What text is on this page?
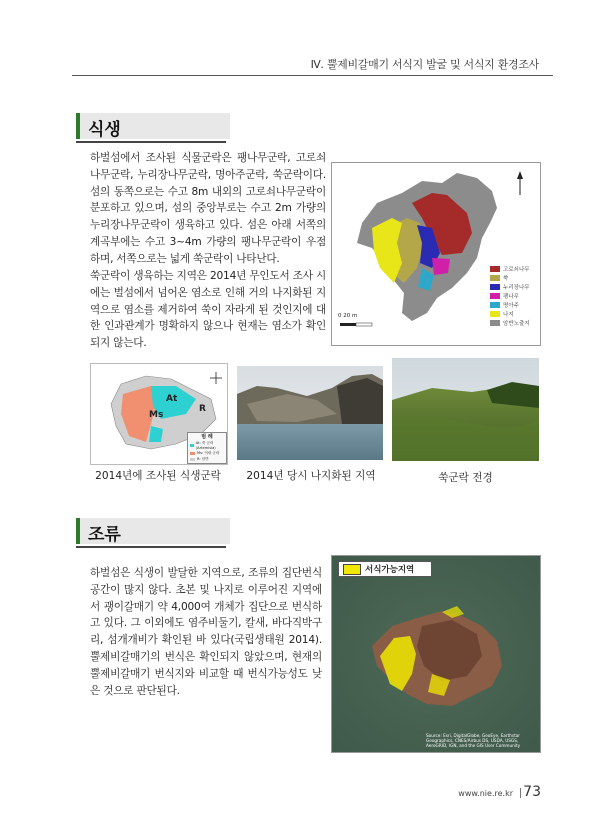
Ⅳ. 뿔제비갈매기 서식지 발굴 및 서식지 환경조사
식생
하벌섬에서 조사된 식물군락은 팽나무군락, 고로쇠나무군락, 누리장나무군락, 명아주군락, 쑥군락이다. 섬의 동쪽으로는 수고 8m 내외의 고로쇠나무군락이 분포하고 있으며, 섬의 중앙부로는 수고 2m 가량의 누리장나무군락이 생육하고 있다. 섬은 아래 서쪽의 계곡부에는 수고 3~4m 가량의 팽나무군락이 우점하며, 서쪽으로는 넓게 쑥군락이 나타난다.
쑥군락이 생육하는 지역은 2014년 무인도서 조사 시에는 벌섬에서 넘어온 염소로 인해 거의 나지화된 지역으로 염소를 제거하여 쑥이 자라게 된 것인지에 대한 인과관계가 명확하지 않으나 현재는 염소가 확인되지 않는다.
0 20 m
고로쇠나무
쑥
누리장나무
팽나무
명아주
나지
암반노출지
Ms
At
R
범 례
At: 쑥 군락(Artemisia)
Ms: 억새 군락
R: 암반
2014년에 조사된 식생군락	2014년 당시 나지화된 지역	쑥군락 전경
조류
하벌섬은 식생이 발달한 지역으로, 조류의 집단번식 공간이 많지 않다. 초본 및 나지로 이루어진 지역에서 괭이갈매기 약 4,000여 개체가 집단으로 번식하고 있다. 그 이외에도 염주비둘기, 칼새, 바다직박구리, 섬개개비가 확인된 바 있다(국립생태원 2014). 뿔제비갈매기의 번식은 확인되지 않았으며, 현재의 뿔제비갈매기 번식지와 비교할 때 번식가능성도 낮은 것으로 판단된다.
서식가능지역
Source: Esri, DigitalGlobe, GeoEye, Earthstar Geographics, CNES/Airbus DS, USDA, USGS, AeroGRID, IGN, and the GIS User Community
www.nie.re.kr 73
